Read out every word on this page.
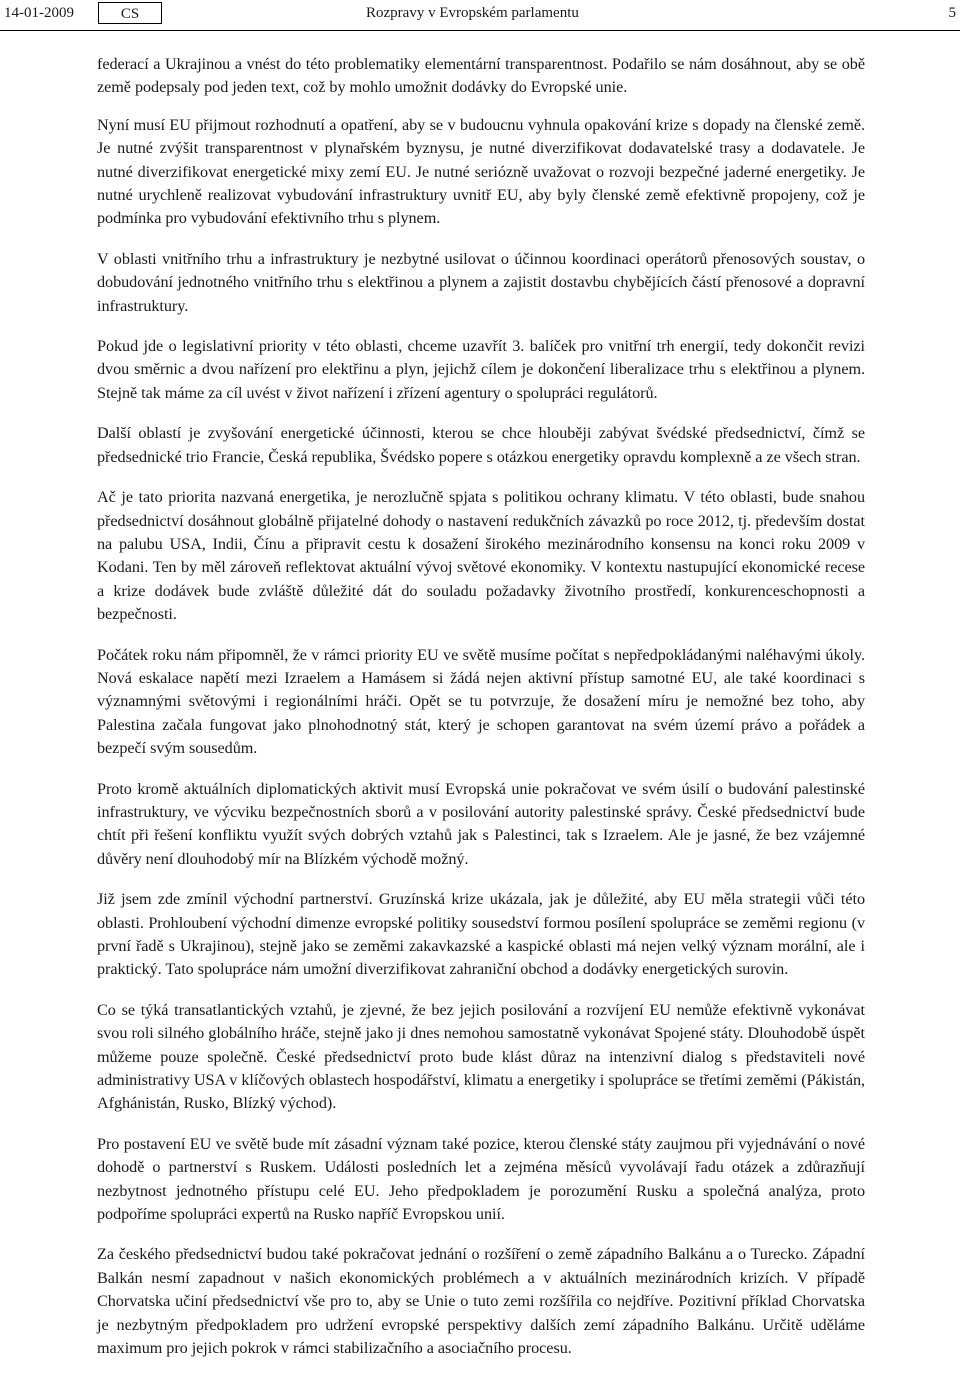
14-01-2009	CS	Rozpravy v Evropském parlamentu	5

federací a Ukrajinou a vnést do této problematiky elementární transparentnost. Podařilo se nám dosáhnout, aby se obě země podepsaly pod jeden text, což by mohlo umožnit dodávky do Evropské unie.

Nyní musí EU přijmout rozhodnutí a opatření, aby se v budoucnu vyhnula opakování krize s dopady na členské země. Je nutné zvýšit transparentnost v plynařském byznysu, je nutné diverzifikovat dodavatelské trasy a dodavatele. Je nutné diverzifikovat energetické mixy zemí EU. Je nutné seriózně uvažovat o rozvoji bezpečné jaderné energetiky. Je nutné urychleně realizovat vybudování infrastruktury uvnitř EU, aby byly členské země efektivně propojeny, což je podmínka pro vybudování efektivního trhu s plynem.

V oblasti vnitřního trhu a infrastruktury je nezbytné usilovat o účinnou koordinaci operátorů přenosových soustav, o dobudování jednotného vnitřního trhu s elektřinou a plynem a zajistit dostavbu chybějících částí přenosové a dopravní infrastruktury.

Pokud jde o legislativní priority v této oblasti, chceme uzavřít 3. balíček pro vnitřní trh energií, tedy dokončit revizi dvou směrnic a dvou nařízení pro elektřinu a plyn, jejichž cílem je dokončení liberalizace trhu s elektřinou a plynem. Stejně tak máme za cíl uvést v život nařízení i zřízení agentury o spolupráci regulátorů.

Další oblastí je zvyšování energetické účinnosti, kterou se chce hlouběji zabývat švédské předsednictví, čímž se předsednické trio Francie, Česká republika, Švédsko popere s otázkou energetiky opravdu komplexně a ze všech stran.

Ač je tato priorita nazvaná energetika, je nerozlučně spjata s politikou ochrany klimatu. V této oblasti, bude snahou předsednictví dosáhnout globálně přijatelné dohody o nastavení redukčních závazků po roce 2012, tj. především dostat na palubu USA, Indii, Čínu a připravit cestu k dosažení širokého mezinárodního konsensu na konci roku 2009 v Kodani. Ten by měl zároveň reflektovat aktuální vývoj světové ekonomiky. V kontextu nastupující ekonomické recese a krize dodávek bude zvláště důležité dát do souladu požadavky životního prostředí, konkurenceschopnosti a bezpečnosti.

Počátek roku nám připomněl, že v rámci priority EU ve světě musíme počítat s nepředpokládanými naléhavými úkoly. Nová eskalace napětí mezi Izraelem a Hamásem si žádá nejen aktivní přístup samotné EU, ale také koordinaci s významnými světovými i regionálními hráči. Opět se tu potvrzuje, že dosažení míru je nemožné bez toho, aby Palestina začala fungovat jako plnohodnotný stát, který je schopen garantovat na svém území právo a pořádek a bezpečí svým sousedům.

Proto kromě aktuálních diplomatických aktivit musí Evropská unie pokračovat ve svém úsilí o budování palestinské infrastruktury, ve výcviku bezpečnostních sborů a v posilování autority palestinské správy. České předsednictví bude chtít při řešení konfliktu využít svých dobrých vztahů jak s Palestinci, tak s Izraelem. Ale je jasné, že bez vzájemné důvěry není dlouhodobý mír na Blízkém východě možný.

Již jsem zde zmínil východní partnerství. Gruzínská krize ukázala, jak je důležité, aby EU měla strategii vůči této oblasti. Prohloubení východní dimenze evropské politiky sousedství formou posílení spolupráce se zeměmi regionu (v první řadě s Ukrajinou), stejně jako se zeměmi zakavkazské a kaspické oblasti má nejen velký význam morální, ale i praktický. Tato spolupráce nám umožní diverzifikovat zahraniční obchod a dodávky energetických surovin.

Co se týká transatlantických vztahů, je zjevné, že bez jejich posilování a rozvíjení EU nemůže efektivně vykonávat svou roli silného globálního hráče, stejně jako ji dnes nemohou samostatně vykonávat Spojené státy. Dlouhodobě úspět můžeme pouze společně. České předsednictví proto bude klást důraz na intenzivní dialog s představiteli nové administrativy USA v klíčových oblastech hospodářství, klimatu a energetiky i spolupráce se třetími zeměmi (Pákistán, Afghánistán, Rusko, Blízký východ).

Pro postavení EU ve světě bude mít zásadní význam také pozice, kterou členské státy zaujmou při vyjednávání o nové dohodě o partnerství s Ruskem. Události posledních let a zejména měsíců vyvolávají řadu otázek a zdůrazňují nezbytnost jednotného přístupu celé EU. Jeho předpokladem je porozumění Rusku a společná analýza, proto podpoříme spolupráci expertů na Rusko napříč Evropskou unií.

Za českého předsednictví budou také pokračovat jednání o rozšíření o země západního Balkánu a o Turecko. Západní Balkán nesmí zapadnout v našich ekonomických problémech a v aktuálních mezinárodních krizích. V případě Chorvatska učiní předsednictví vše pro to, aby se Unie o tuto zemi rozšířila co nejdříve. Pozitivní příklad Chorvatska je nezbytným předpokladem pro udržení evropské perspektivy dalších zemí západního Balkánu. Určitě uděláme maximum pro jejich pokrok v rámci stabilizačního a asociačního procesu.
